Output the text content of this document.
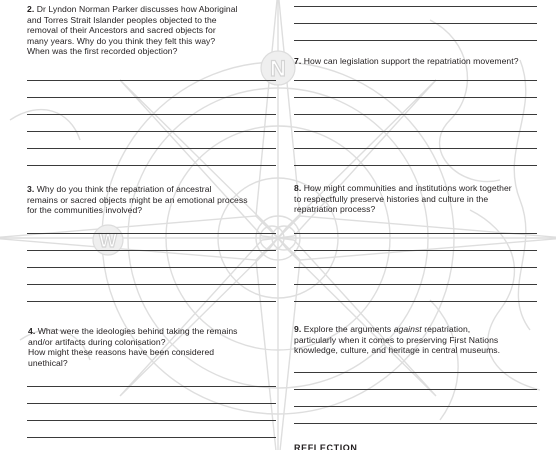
N
W
2. Dr Lyndon Norman Parker discusses how Aboriginal
and Torres Strait Islander peoples objected to the
removal of their Ancestors and sacred objects for
many years. Why do you think they felt this way?
When was the first recorded objection?
3. Why do you think the repatriation of ancestral
remains or sacred objects might be an emotional process
for the communities involved?
4. What were the ideologies behind taking the remains
and/or artifacts during colonisation?
How might these reasons have been considered
unethical?
7. How can legislation support the repatriation movement?
8. How might communities and institutions work together
to respectfully preserve histories and culture in the
repatriation process?
9. Explore the arguments against repatriation,
particularly when it comes to preserving First Nations
knowledge, culture, and heritage in central museums.
REFLECTION
